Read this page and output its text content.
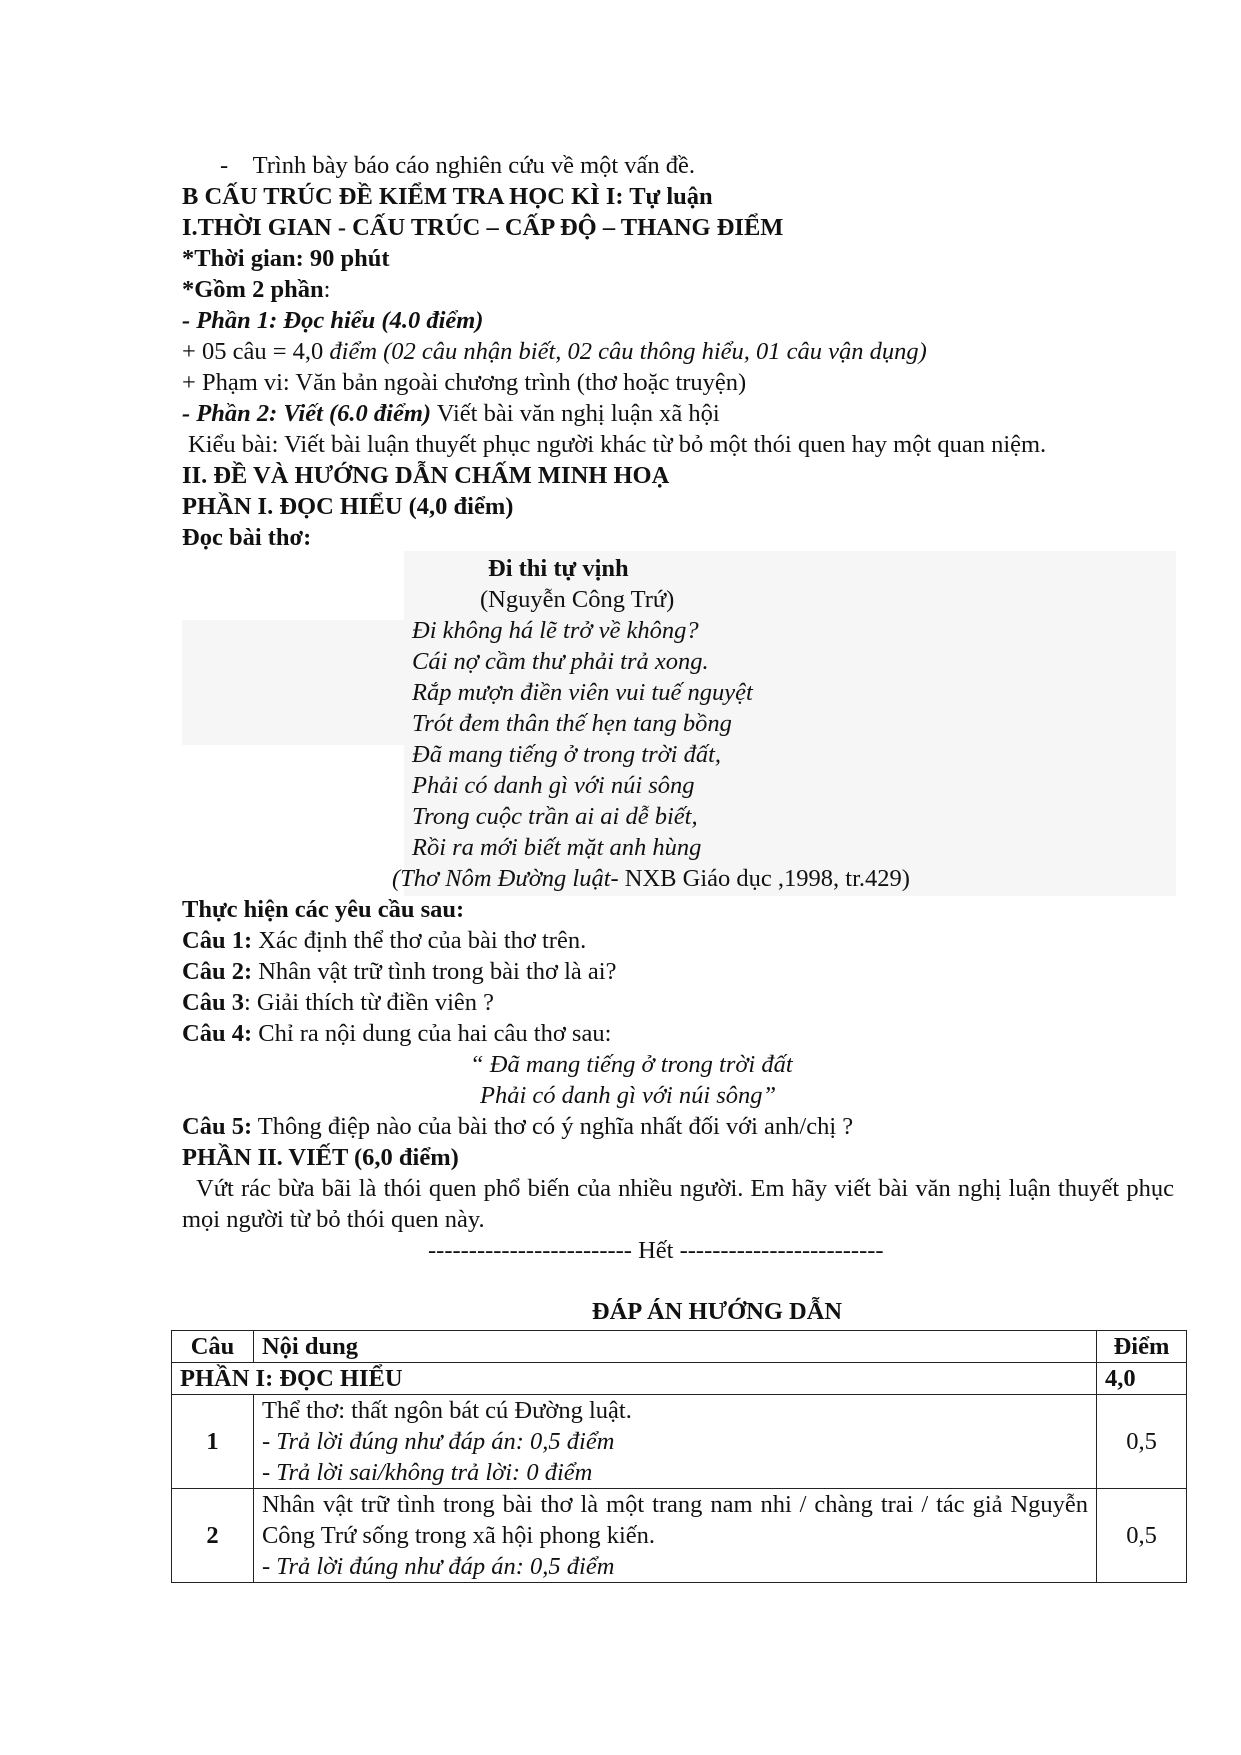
-    Trình bày báo cáo nghiên cứu về một vấn đề.
B CẤU TRÚC ĐỀ KIỂM TRA HỌC KÌ I: Tự luận
I.THỜI GIAN - CẤU TRÚC – CẤP ĐỘ – THANG ĐIỂM
*Thời gian: 90 phút
*Gồm 2 phần:
- Phần 1: Đọc hiểu (4.0 điểm)
+ 05 câu = 4,0 điểm (02 câu nhận biết, 02 câu thông hiểu, 01 câu vận dụng)
+ Phạm vi: Văn bản ngoài chương trình (thơ hoặc truyện)
- Phần 2: Viết (6.0 điểm) Viết bài văn nghị luận xã hội
Kiểu bài: Viết bài luận thuyết phục người khác từ bỏ một thói quen hay một quan niệm.
II. ĐỀ VÀ HƯỚNG DẪN CHẤM MINH HOẠ
PHẦN I. ĐỌC HIỂU (4,0 điểm)
Đọc bài thơ:
Đi thi tự vịnh
(Nguyễn Công Trứ)
Đi không há lẽ trở về không?
Cái nợ cầm thư phải trả xong.
Rắp mượn điền viên vui tuế nguyệt
Trót đem thân thế hẹn tang bồng
Đã mang tiếng ở trong trời đất,
Phải có danh gì với núi sông
Trong cuộc trần ai ai dễ biết,
Rồi ra mới biết mặt anh hùng
(Thơ Nôm Đường luật- NXB Giáo dục ,1998, tr.429)
Thực hiện các yêu cầu sau:
Câu 1: Xác định thể thơ của bài thơ trên.
Câu 2: Nhân vật trữ tình trong bài thơ là ai?
Câu 3: Giải thích từ điền viên ?
Câu 4: Chỉ ra nội dung của hai câu thơ sau:
“ Đã mang tiếng ở trong trời đất
Phải có danh gì với núi sông”
Câu 5: Thông điệp nào của bài thơ có ý nghĩa nhất đối với anh/chị ?
PHẦN II. VIẾT (6,0 điểm)
Vứt rác bừa bãi là thói quen phổ biến của nhiều người. Em hãy viết bài văn nghị luận thuyết phục mọi người từ bỏ thói quen này.
------------------------- Hết -------------------------
ĐÁP ÁN HƯỚNG DẪN
Câu	Nội dung	Điểm
PHẦN I: ĐỌC HIỂU		4,0
1	Thể thơ: thất ngôn bát cú Đường luật.
- Trả lời đúng như đáp án: 0,5 điểm
- Trả lời sai/không trả lời: 0 điểm	0,5
2	Nhân vật trữ tình trong bài thơ là một trang nam nhi / chàng trai / tác giả Nguyễn Công Trứ sống trong xã hội phong kiến.
- Trả lời đúng như đáp án: 0,5 điểm	0,5
